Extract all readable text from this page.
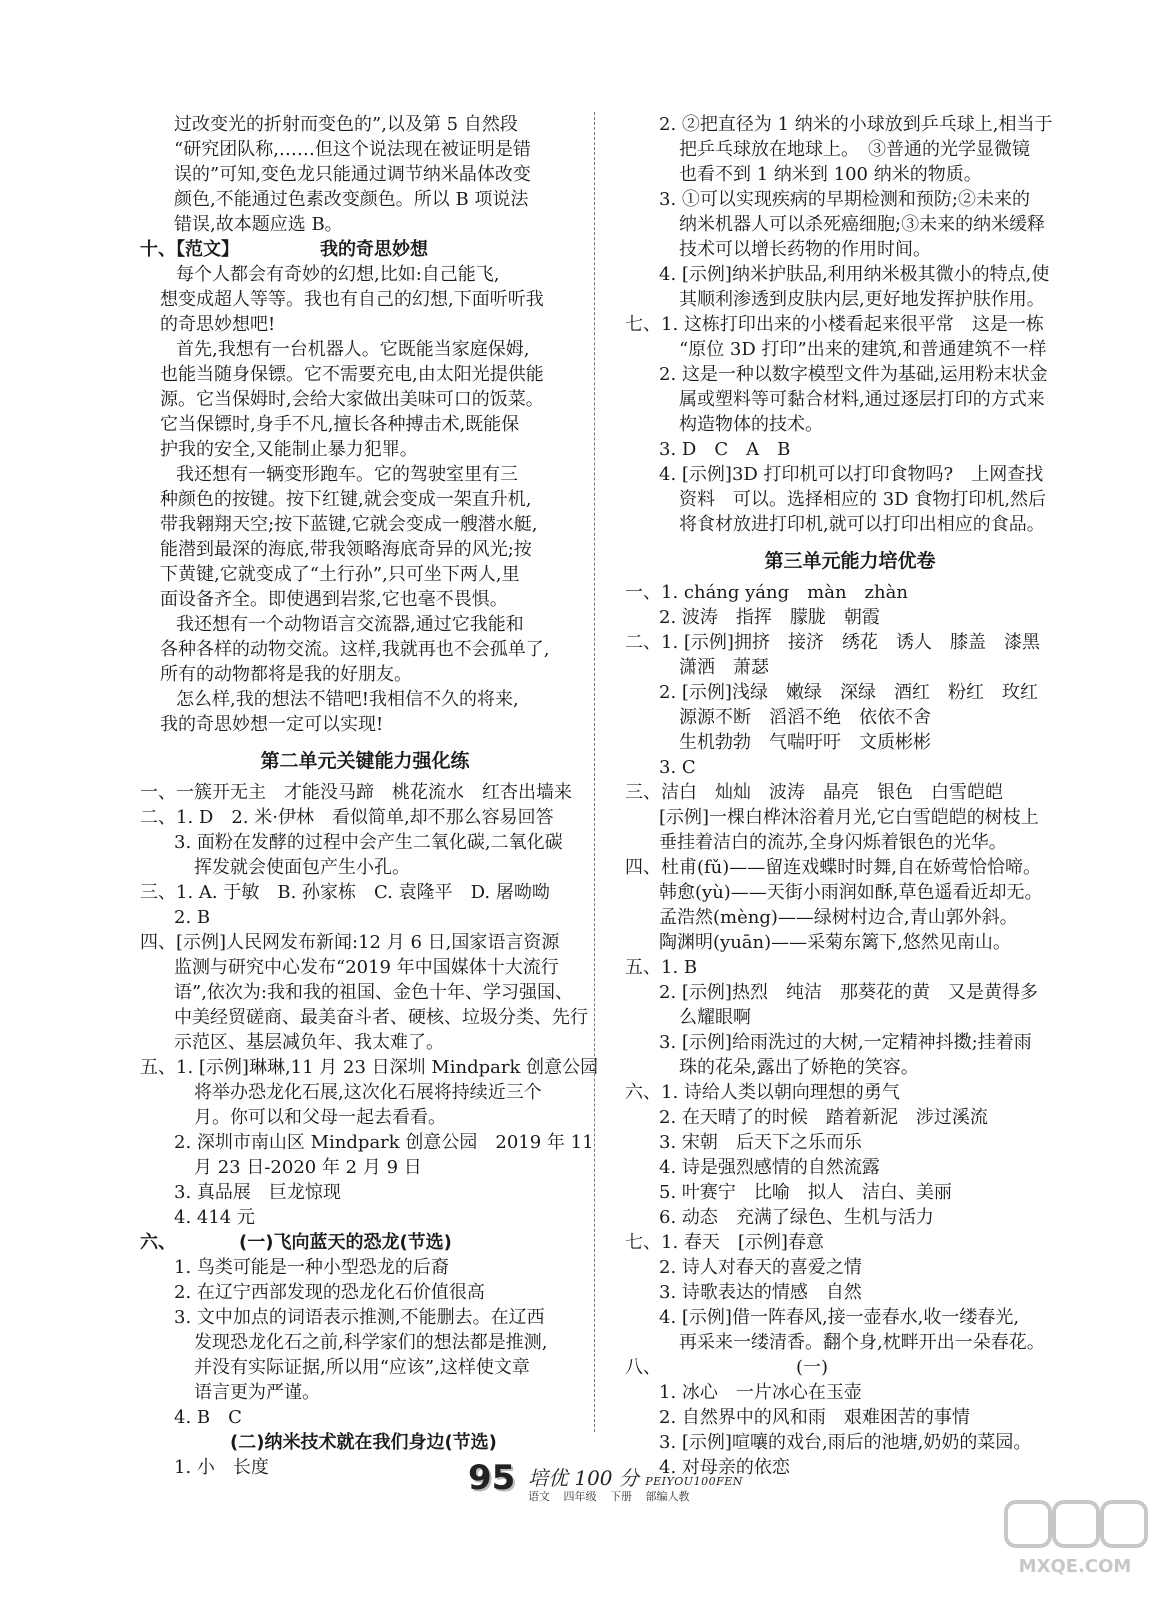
过改变光的折射而变色的”,以及第 5 自然段
“研究团队称,……但这个说法现在被证明是错
误的”可知,变色龙只能通过调节纳米晶体改变
颜色,不能通过色素改变颜色。所以 B 项说法
错误,故本题应选 B。
十、【范文】　　　　　我的奇思妙想
每个人都会有奇妙的幻想,比如:自己能飞,
想变成超人等等。我也有自己的幻想,下面听听我
的奇思妙想吧!
首先,我想有一台机器人。它既能当家庭保姆,
也能当随身保镖。它不需要充电,由太阳光提供能
源。它当保姆时,会给大家做出美味可口的饭菜。
它当保镖时,身手不凡,擅长各种搏击术,既能保
护我的安全,又能制止暴力犯罪。
我还想有一辆变形跑车。它的驾驶室里有三
种颜色的按键。按下红键,就会变成一架直升机,
带我翱翔天空;按下蓝键,它就会变成一艘潜水艇,
能潜到最深的海底,带我领略海底奇异的风光;按
下黄键,它就变成了“土行孙”,只可坐下两人,里
面设备齐全。即使遇到岩浆,它也毫不畏惧。
我还想有一个动物语言交流器,通过它我能和
各种各样的动物交流。这样,我就再也不会孤单了,
所有的动物都将是我的好朋友。
怎么样,我的想法不错吧!我相信不久的将来,
我的奇思妙想一定可以实现!
第二单元关键能力强化练
一、一簇开无主　才能没马蹄　桃花流水　红杏出墙来
二、1. D　2. 米·伊林　看似简单,却不那么容易回答
3. 面粉在发酵的过程中会产生二氧化碳,二氧化碳
挥发就会使面包产生小孔。
三、1. A. 于敏　B. 孙家栋　C. 袁隆平　D. 屠呦呦
2. B
四、[示例]人民网发布新闻:12 月 6 日,国家语言资源
监测与研究中心发布“2019 年中国媒体十大流行
语”,依次为:我和我的祖国、金色十年、学习强国、
中美经贸磋商、最美奋斗者、硬核、垃圾分类、先行
示范区、基层减负年、我太难了。
五、1. [示例]琳琳,11 月 23 日深圳 Mindpark 创意公园
将举办恐龙化石展,这次化石展将持续近三个
月。你可以和父母一起去看看。
2. 深圳市南山区 Mindpark 创意公园　2019 年 11
月 23 日-2020 年 2 月 9 日
3. 真品展　巨龙惊现
4. 414 元
六、　　　　(一)飞向蓝天的恐龙(节选)
1. 鸟类可能是一种小型恐龙的后裔
2. 在辽宁西部发现的恐龙化石价值很高
3. 文中加点的词语表示推测,不能删去。在辽西
发现恐龙化石之前,科学家们的想法都是推测,
并没有实际证据,所以用“应该”,这样使文章
语言更为严谨。
4. B　C
　　　　　(二)纳米技术就在我们身边(节选)
1. 小　长度
2. ②把直径为 1 纳米的小球放到乒乓球上,相当于
把乒乓球放在地球上。　③普通的光学显微镜
也看不到 1 纳米到 100 纳米的物质。
3. ①可以实现疾病的早期检测和预防;②未来的
纳米机器人可以杀死癌细胞;③未来的纳米缓释
技术可以增长药物的作用时间。
4. [示例]纳米护肤品,利用纳米极其微小的特点,使
其顺利渗透到皮肤内层,更好地发挥护肤作用。
七、1. 这栋打印出来的小楼看起来很平常　这是一栋
“原位 3D 打印”出来的建筑,和普通建筑不一样
2. 这是一种以数字模型文件为基础,运用粉末状金
属或塑料等可黏合材料,通过逐层打印的方式来
构造物体的技术。
3. D　C　A　B
4. [示例]3D 打印机可以打印食物吗?　上网查找
资料　可以。选择相应的 3D 食物打印机,然后
将食材放进打印机,就可以打印出相应的食品。
第三单元能力培优卷
一、1. cháng yáng　màn　zhàn
2. 波涛　指挥　朦胧　朝霞
二、1. [示例]拥挤　接济　绣花　诱人　膝盖　漆黑
潇洒　萧瑟
2. [示例]浅绿　嫩绿　深绿　酒红　粉红　玫红
源源不断　滔滔不绝　依依不舍
生机勃勃　气喘吁吁　文质彬彬
3. C
三、洁白　灿灿　波涛　晶亮　银色　白雪皑皑
[示例]一棵白桦沐浴着月光,它白雪皑皑的树枝上
垂挂着洁白的流苏,全身闪烁着银色的光华。
四、杜甫(fǔ)——留连戏蝶时时舞,自在娇莺恰恰啼。
韩愈(yù)——天街小雨润如酥,草色遥看近却无。
孟浩然(mèng)——绿树村边合,青山郭外斜。
陶渊明(yuān)——采菊东篱下,悠然见南山。
五、1. B
2. [示例]热烈　纯洁　那葵花的黄　又是黄得多
么耀眼啊
3. [示例]给雨洗过的大树,一定精神抖擞;挂着雨
珠的花朵,露出了娇艳的笑容。
六、1. 诗给人类以朝向理想的勇气
2. 在天晴了的时候　踏着新泥　涉过溪流
3. 宋朝　后天下之乐而乐
4. 诗是强烈感情的自然流露
5. 叶赛宁　比喻　拟人　洁白、美丽
6. 动态　充满了绿色、生机与活力
七、1. 春天　[示例]春意
2. 诗人对春天的喜爱之情
3. 诗歌表达的情感　自然
4. [示例]借一阵春风,接一壶春水,收一缕春光,
再采来一缕清香。翻个身,枕畔开出一朵春花。
八、　　　　　　　　(一)
1. 冰心　一片冰心在玉壶
2. 自然界中的风和雨　艰难困苦的事情
3. [示例]喧嚷的戏台,雨后的池塘,奶奶的菜园。
4. 对母亲的依恋
95 培优 100 分 PEIYOU100FEN
语文 四年级 下册 部编人教
MXQE.COM
